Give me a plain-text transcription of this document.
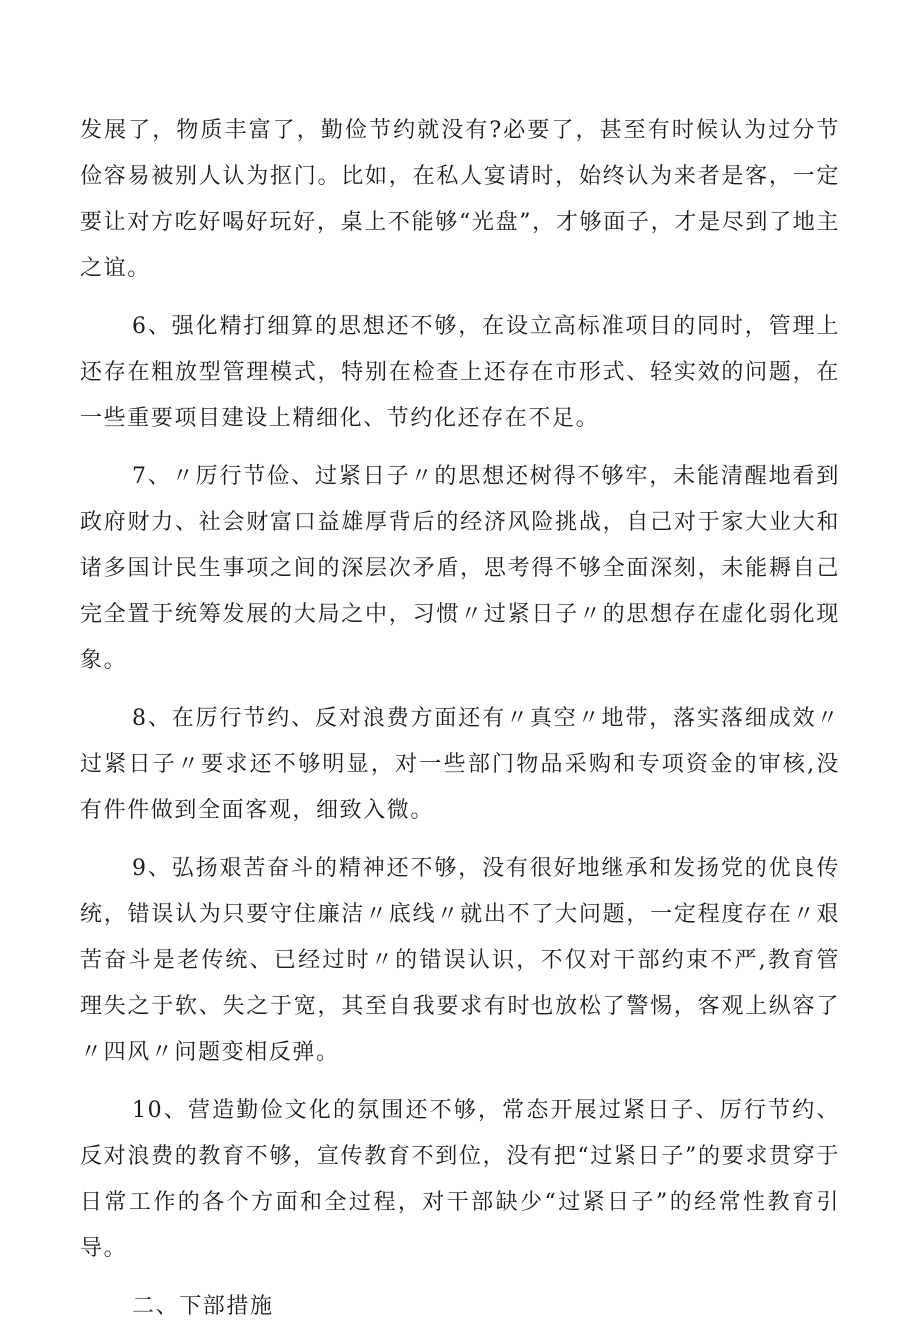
发展了，物质丰富了，勤俭节约就没有?必要了，甚至有时候认为过分节俭容易被别人认为抠门。比如，在私人宴请时，始终认为来者是客，一定要让对方吃好喝好玩好，桌上不能够“光盘”，才够面子，才是尽到了地主之谊。

6、强化精打细算的思想还不够，在设立高标准项目的同时，管理上还存在粗放型管理模式，特别在检查上还存在市形式、轻实效的问题，在一些重要项目建设上精细化、节约化还存在不足。

7、〃厉行节俭、过紧日子〃的思想还树得不够牢，未能清醒地看到政府财力、社会财富口益雄厚背后的经济风险挑战，自己对于家大业大和诸多国计民生事项之间的深层次矛盾，思考得不够全面深刻，未能耨自己完全置于统筹发展的大局之中，习惯〃过紧日子〃的思想存在虚化弱化现象。

8、在厉行节约、反对浪费方面还有〃真空〃地带，落实落细成效〃过紧日子〃要求还不够明显，对一些部门物品采购和专项资金的审核,没有件件做到全面客观，细致入微。

9、弘扬艰苦奋斗的精神还不够，没有很好地继承和发扬党的优良传统，错误认为只要守住廉洁〃底线〃就出不了大问题，一定程度存在〃艰苦奋斗是老传统、已经过时〃的错误认识，不仅对干部约束不严,教育管理失之于软、失之于宽，其至自我要求有时也放松了警惕，客观上纵容了〃四风〃问题变相反弹。

10、营造勤俭文化的氛围还不够，常态开展过紧日子、厉行节约、反对浪费的教育不够，宣传教育不到位，没有把“过紧日子”的要求贯穿于日常工作的各个方面和全过程，对干部缺少“过紧日子”的经常性教育引导。

二、下部措施
